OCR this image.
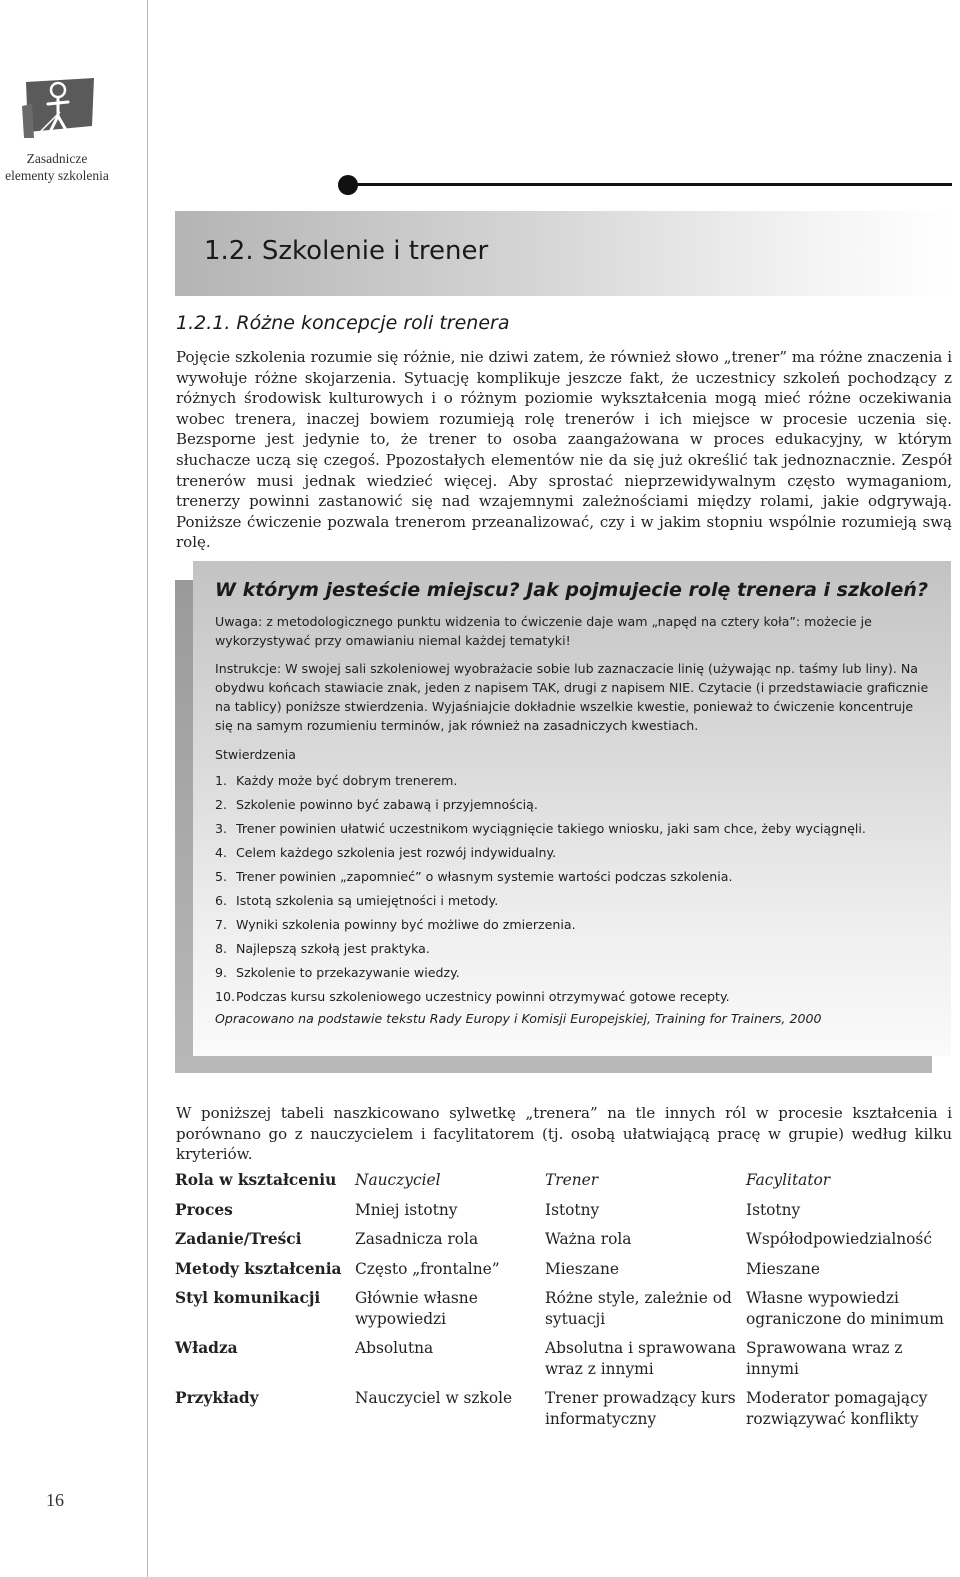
Zasadnicze
elementy szkolenia
1.2. Szkolenie i trener
1.2.1. Różne koncepcje roli trenera

Pojęcie szkolenia rozumie się różnie, nie dziwi zatem, że również słowo „trener” ma różne znaczenia i wywołuje różne skojarzenia. Sytuację komplikuje jeszcze fakt, że uczestnicy szkoleń pochodzący z różnych środowisk kulturowych i o różnym poziomie wykształcenia mogą mieć różne oczekiwania wobec trenera, inaczej bowiem rozumieją rolę trenerów i ich miejsce w procesie uczenia się. Bezsporne jest jedynie to, że trener to osoba zaangażowana w proces edukacyjny, w którym słuchacze uczą się czegoś. Ppozostałych elementów nie da się już określić tak jednoznacznie. Zespół trenerów musi jednak wiedzieć więcej. Aby sprostać nieprzewidywalnym często wymaganiom, trenerzy powinni zastanowić się nad wzajemnymi zależnościami między rolami, jakie odgrywają. Poniższe ćwiczenie pozwala trenerom przeanalizować, czy i w jakim stopniu wspólnie rozumieją swą rolę.

W którym jesteście miejscu? Jak pojmujecie rolę trenera i szkoleń?

Uwaga: z metodologicznego punktu widzenia to ćwiczenie daje wam „napęd na cztery koła”: możecie je wykorzystywać przy omawianiu niemal każdej tematyki!

Instrukcje: W swojej sali szkoleniowej wyobrażacie sobie lub zaznaczacie linię (używając np. taśmy lub liny). Na obydwu końcach stawiacie znak, jeden z napisem TAK, drugi z napisem NIE. Czytacie (i przedstawiacie graficznie na tablicy) poniższe stwierdzenia. Wyjaśniajcie dokładnie wszelkie kwestie, ponieważ to ćwiczenie koncentruje się na samym rozumieniu terminów, jak również na zasadniczych kwestiach.

Stwierdzenia

1. Każdy może być dobrym trenerem.
2. Szkolenie powinno być zabawą i przyjemnością.
3. Trener powinien ułatwić uczestnikom wyciągnięcie takiego wniosku, jaki sam chce, żeby wyciągnęli.
4. Celem każdego szkolenia jest rozwój indywidualny.
5. Trener powinien „zapomnieć” o własnym systemie wartości podczas szkolenia.
6. Istotą szkolenia są umiejętności i metody.
7. Wyniki szkolenia powinny być możliwe do zmierzenia.
8. Najlepszą szkołą jest praktyka.
9. Szkolenie to przekazywanie wiedzy.
10.Podczas kursu szkoleniowego uczestnicy powinni otrzymywać gotowe recepty.

Opracowano na podstawie tekstu Rady Europy i Komisji Europejskiej, Training for Trainers, 2000

W poniższej tabeli naszkicowano sylwetkę „trenera” na tle innych ról w procesie kształcenia i porównano go z nauczycielem i facylitatorem (tj. osobą ułatwiającą pracę w grupie) według kilku kryteriów.

Rola w kształceniu	Nauczyciel	Trener	Facylitator
Proces	Mniej istotny	Istotny	Istotny
Zadanie/Treści	Zasadnicza rola	Ważna rola	Współodpowiedzialność
Metody kształcenia	Często „frontalne”	Mieszane	Mieszane
Styl komunikacji	Głównie własne wypowiedzi	Różne style, zależnie od sytuacji	Własne wypowiedzi ograniczone do minimum
Władza	Absolutna	Absolutna i sprawowana wraz z innymi	Sprawowana wraz z innymi
Przykłady	Nauczyciel w szkole	Trener prowadzący kurs informatyczny	Moderator pomagający rozwiązywać konflikty
16
